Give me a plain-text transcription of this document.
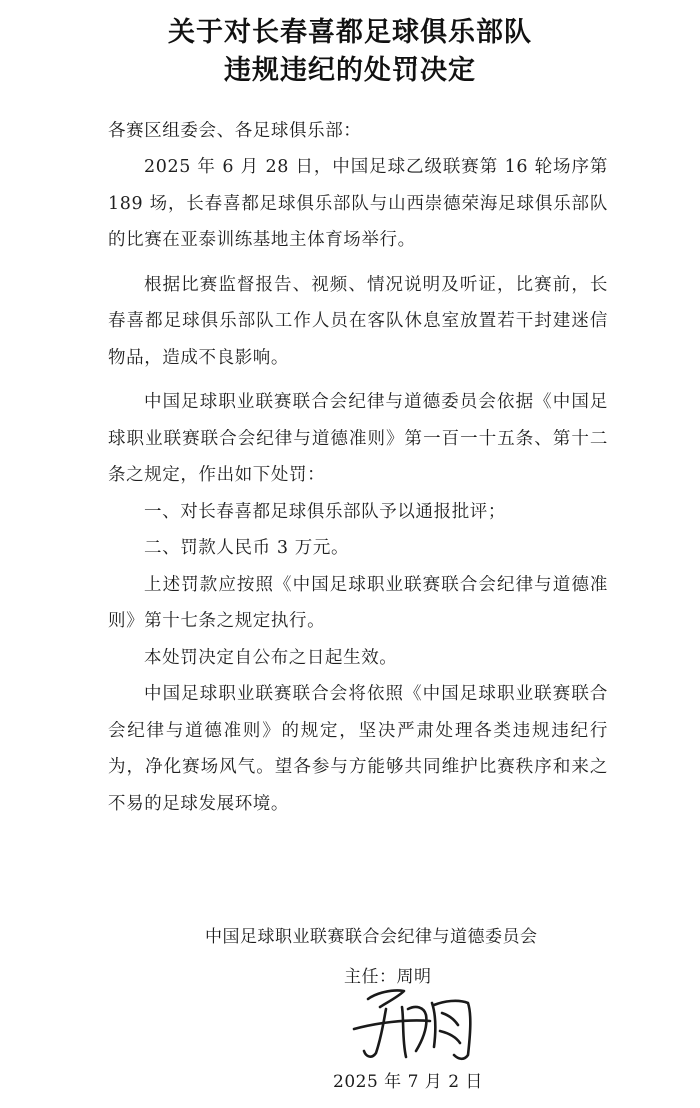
关于对长春喜都足球俱乐部队
违规违纪的处罚决定
各赛区组委会、各足球俱乐部：

2025 年 6 月 28 日，中国足球乙级联赛第 16 轮场序第 189 场，长春喜都足球俱乐部队与山西崇德荣海足球俱乐部队的比赛在亚泰训练基地主体育场举行。

根据比赛监督报告、视频、情况说明及听证，比赛前，长春喜都足球俱乐部队工作人员在客队休息室放置若干封建迷信物品，造成不良影响。

中国足球职业联赛联合会纪律与道德委员会依据《中国足球职业联赛联合会纪律与道德准则》第一百一十五条、第十二条之规定，作出如下处罚：

一、对长春喜都足球俱乐部队予以通报批评；

二、罚款人民币 3 万元。

上述罚款应按照《中国足球职业联赛联合会纪律与道德准则》第十七条之规定执行。

本处罚决定自公布之日起生效。

中国足球职业联赛联合会将依照《中国足球职业联赛联合会纪律与道德准则》的规定，坚决严肃处理各类违规违纪行为，净化赛场风气。望各参与方能够共同维护比赛秩序和来之不易的足球发展环境。

中国足球职业联赛联合会纪律与道德委员会
主任：周明
2025 年 7 月 2 日
